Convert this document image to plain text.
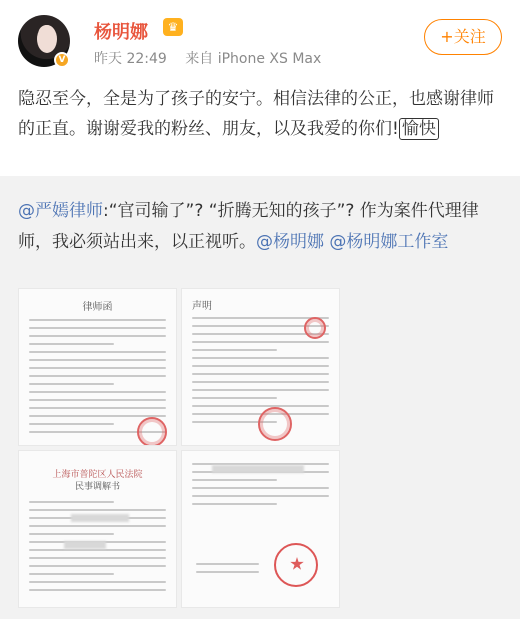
V
杨明娜	♛
昨天 22:49 来自 iPhone XS Max
+关注
隐忍至今，全是为了孩子的安宁。相信法律的公正，也感谢律师的正直。谢谢爱我的粉丝、朋友，以及我爱的你们! 愉快
@严嫣律师:“官司输了”? “折腾无知的孩子”? 作为案件代理律师，我必须站出来，以正视听。@杨明娜 @杨明娜工作室
律师函	声明
上海市普陀区人民法院
民事调解书
